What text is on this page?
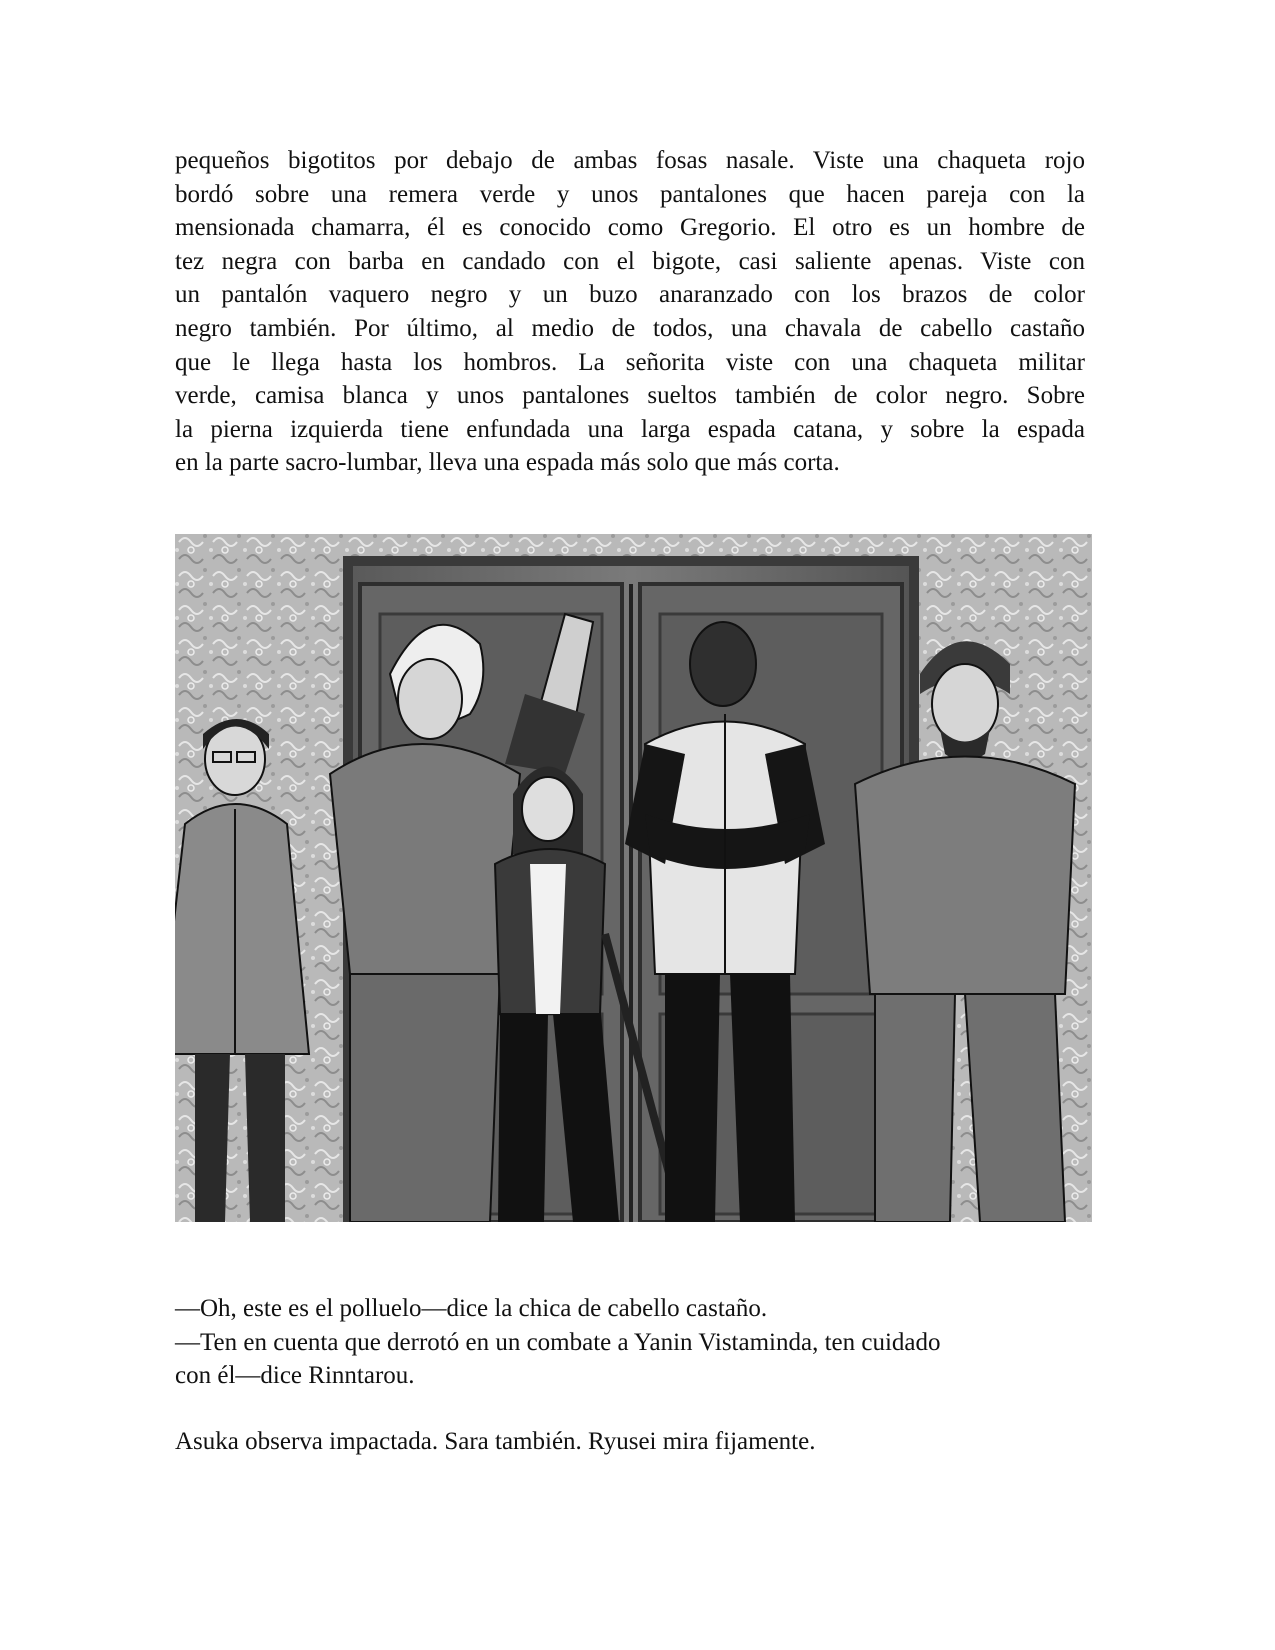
pequeños bigotitos por debajo de ambas fosas nasale. Viste una chaqueta rojo
bordó sobre una remera verde y unos pantalones que hacen pareja con la
mensionada chamarra, él es conocido como Gregorio. El otro es un hombre de
tez negra con barba en candado con el bigote, casi saliente apenas. Viste con
un pantalón vaquero negro y un buzo anaranzado con los brazos de color
negro también. Por último, al medio de todos, una chavala de cabello castaño
que le llega hasta los hombros. La señorita viste con una chaqueta militar
verde, camisa blanca y unos pantalones sueltos también de color negro. Sobre
la pierna izquierda tiene enfundada una larga espada catana, y sobre la espada
en la parte sacro-lumbar, lleva una espada más solo que más corta.
—Oh, este es el polluelo—dice la chica de cabello castaño.
—Ten en cuenta que derrotó en un combate a Yanin Vistaminda, ten cuidado
con él—dice Rinntarou.
Asuka observa impactada. Sara también. Ryusei mira fijamente.
